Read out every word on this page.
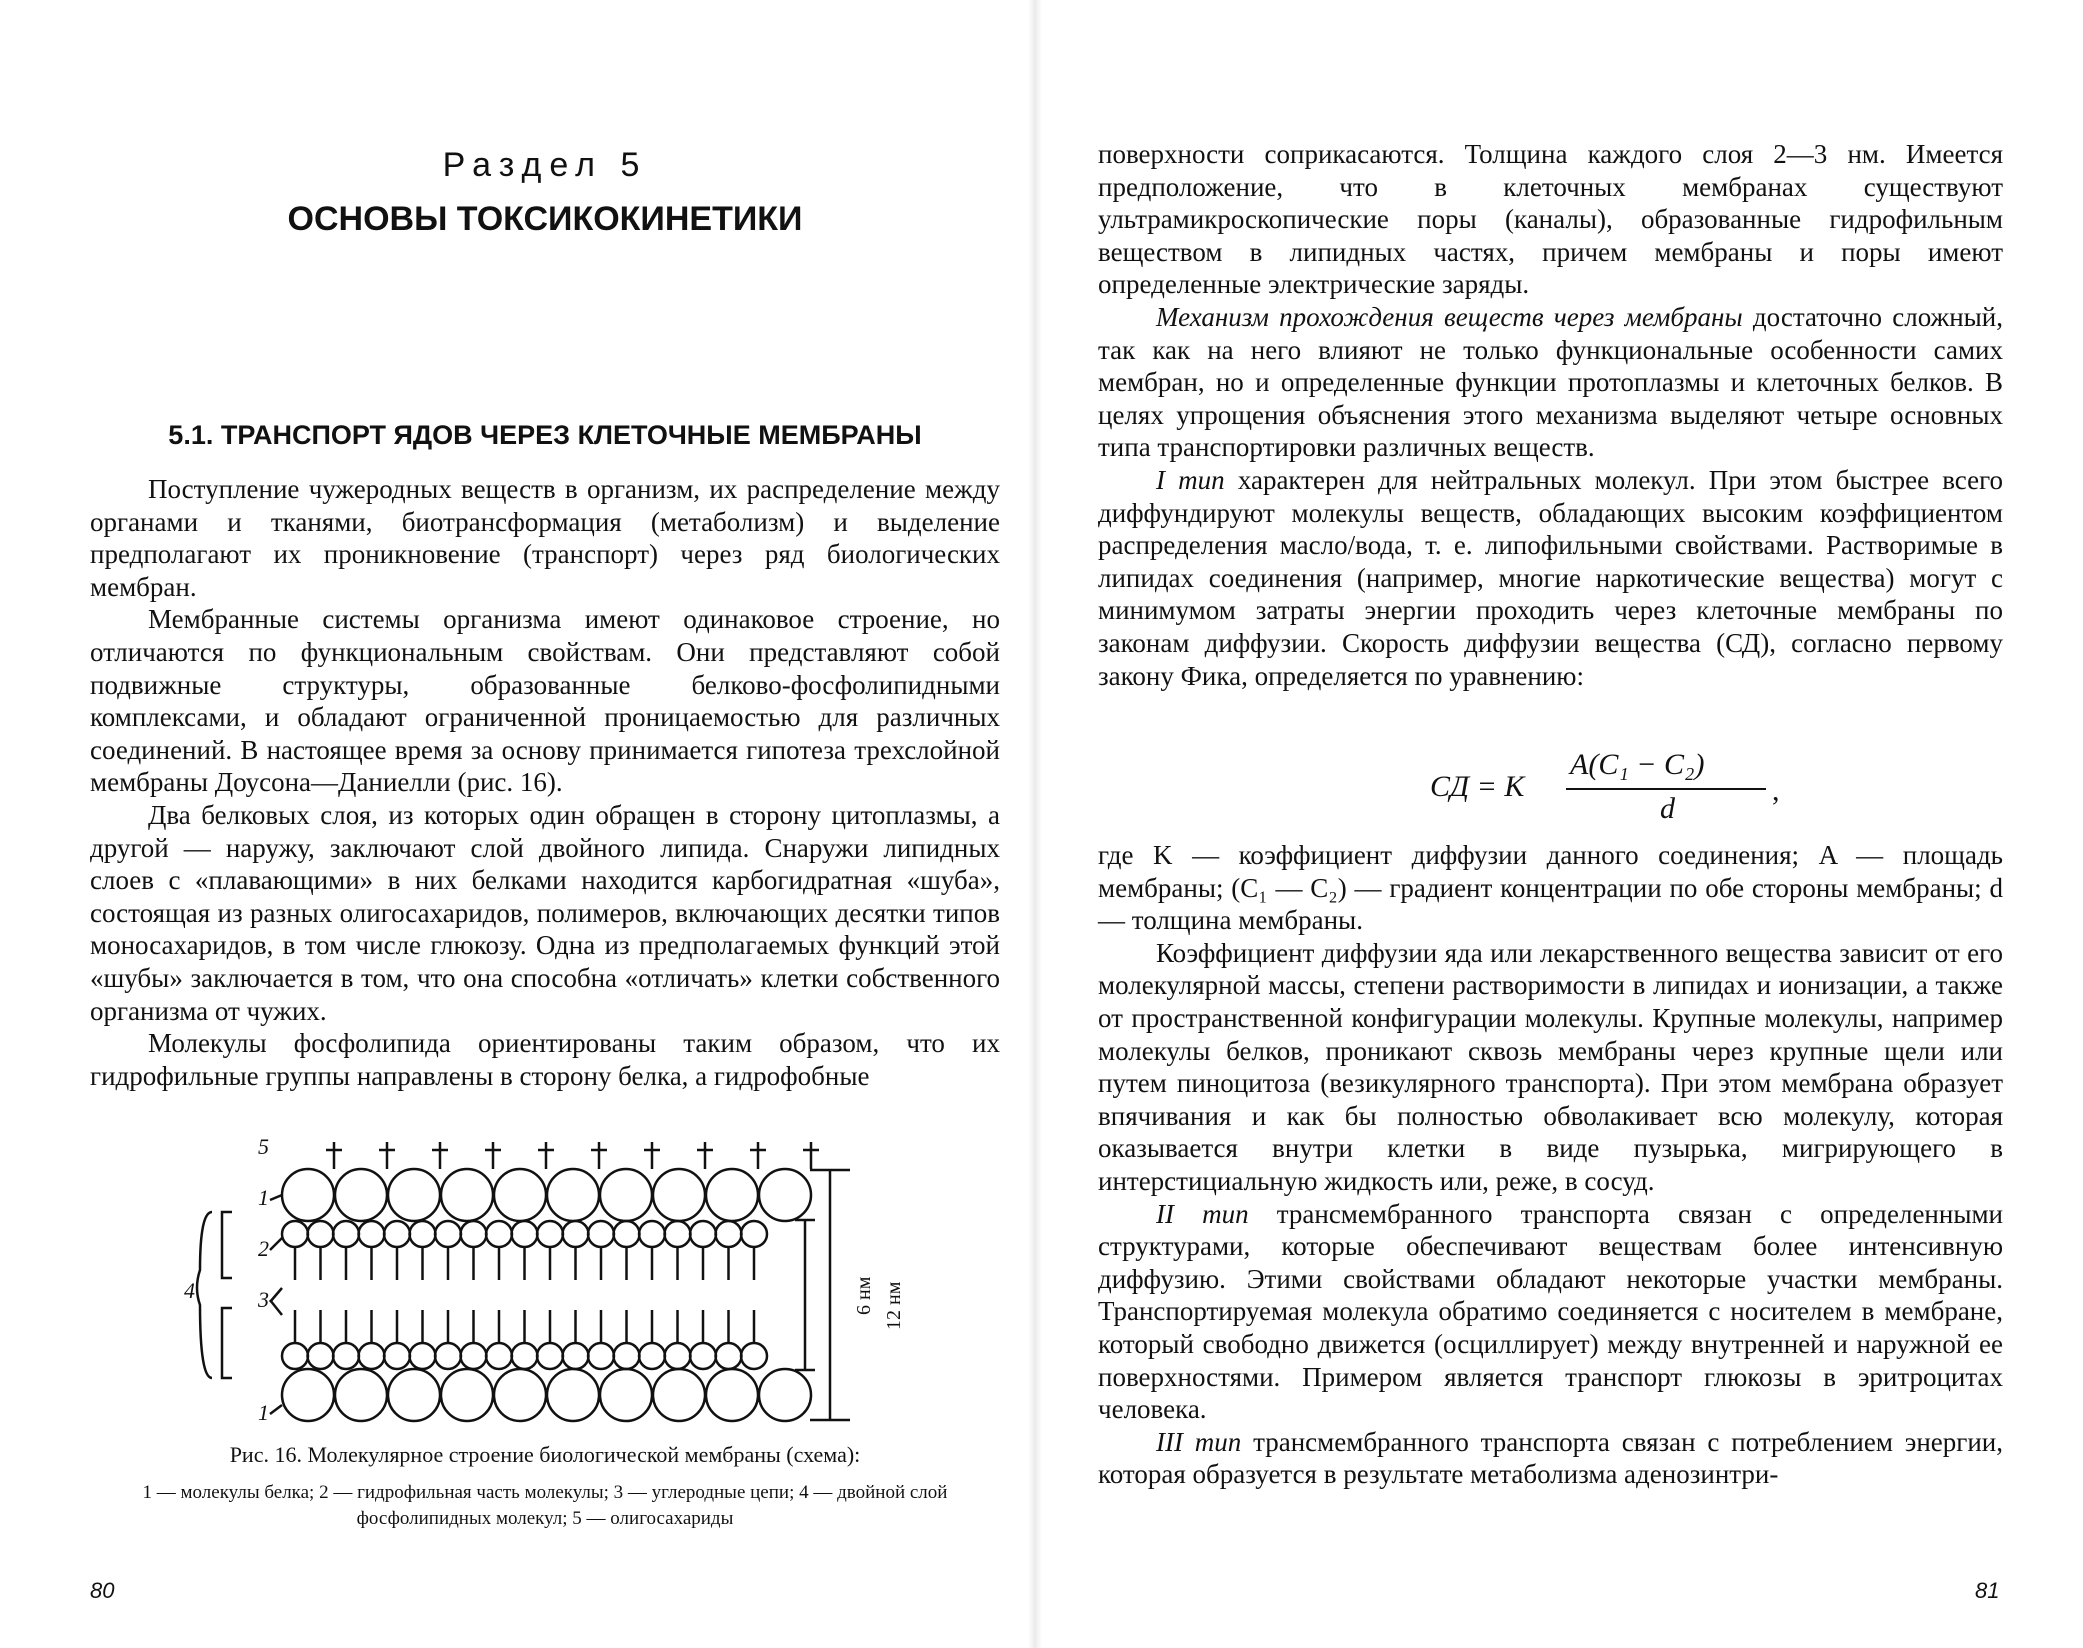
Раздел 5
ОСНОВЫ ТОКСИКОКИНЕТИКИ
5.1. ТРАНСПОРТ ЯДОВ ЧЕРЕЗ КЛЕТОЧНЫЕ МЕМБРАНЫ

Поступление чужеродных веществ в организм, их распределение между органами и тканями, биотрансформация (метаболизм) и выделение предполагают их проникновение (транспорт) через ряд биологических мембран.

Мембранные системы организма имеют одинаковое строение, но отличаются по функциональным свойствам. Они представляют собой подвижные структуры, образованные белково-фосфолипидными комплексами, и обладают ограниченной проницаемостью для различных соединений. В настоящее время за основу принимается гипотеза трехслойной мембраны Доусона—Даниелли (рис. 16).

Два белковых слоя, из которых один обращен в сторону цитоплазмы, а другой — наружу, заключают слой двойного липида. Снаружи липидных слоев с «плавающими» в них белками находится карбогидратная «шуба», состоящая из разных олигосахаридов, полимеров, включающих десятки типов моносахаридов, в том числе глюкозу. Одна из предполагаемых функций этой «шубы» заключается в том, что она способна «отличать» клетки собственного организма от чужих.

Молекулы фосфолипида ориентированы таким образом, что их гидрофильные группы направлены в сторону белка, а гидрофобные

5
1
2
3
4
1
6 нм 12 нм
Рис. 16. Молекулярное строение биологической мембраны (схема):
1 — молекулы белка; 2 — гидрофильная часть молекулы; 3 — углеродные цепи; 4 — двойной слой фосфолипидных молекул; 5 — олигосахариды
80

поверхности соприкасаются. Толщина каждого слоя 2—3 нм. Имеется предположение, что в клеточных мембранах существуют ультрамикроскопические поры (каналы), образованные гидрофильным веществом в липидных частях, причем мембраны и поры имеют определенные электрические заряды.

Механизм прохождения веществ через мембраны достаточно сложный, так как на него влияют не только функциональные особенности самих мембран, но и определенные функции протоплазмы и клеточных белков. В целях упрощения объяснения этого механизма выделяют четыре основных типа транспортировки различных веществ.

I тип характерен для нейтральных молекул. При этом быстрее всего диффундируют молекулы веществ, обладающих высоким коэффициентом распределения масло/вода, т. е. липофильными свойствами. Растворимые в липидах соединения (например, многие наркотические вещества) могут с минимумом затраты энергии проходить через клеточные мембраны по законам диффузии. Скорость диффузии вещества (СД), согласно первому закону Фика, определяется по уравнению:

СД = K
A(C₁ − C₂)
d
,

где K — коэффициент диффузии данного соединения; A — площадь мембраны; (C₁ — C₂) — градиент концентрации по обе стороны мембраны; d — толщина мембраны.

Коэффициент диффузии яда или лекарственного вещества зависит от его молекулярной массы, степени растворимости в липидах и ионизации, а также от пространственной конфигурации молекулы. Крупные молекулы, например молекулы белков, проникают сквозь мембраны через крупные щели или путем пиноцитоза (везикулярного транспорта). При этом мембрана образует впячивания и как бы полностью обволакивает всю молекулу, которая оказывается внутри клетки в виде пузырька, мигрирующего в интерстициальную жидкость или, реже, в сосуд.

II тип трансмембранного транспорта связан с определенными структурами, которые обеспечивают веществам более интенсивную диффузию. Этими свойствами обладают некоторые участки мембраны. Транспортируемая молекула обратимо соединяется с носителем в мембране, который свободно движется (осциллирует) между внутренней и наружной ее поверхностями. Примером является транспорт глюкозы в эритроцитах человека.

III тип трансмембранного транспорта связан с потреблением энергии, которая образуется в результате метаболизма аденозинтри-

81
